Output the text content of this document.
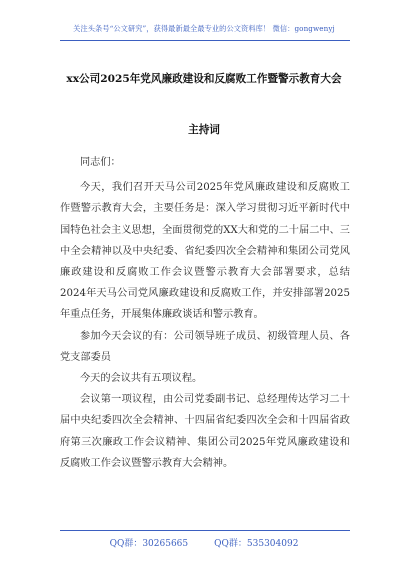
关注头条号“公文研究”，获得最新最全最专业的公文资料库！ 微信：gongwenyj
xx公司2025年党风廉政建设和反腐败工作暨警示教育大会
主持词

同志们：

今天，我们召开天马公司2025年党风廉政建设和反腐败工作暨警示教育大会，主要任务是：深入学习贯彻习近平新时代中国特色社会主义思想，全面贯彻党的XX大和党的二十届二中、三中全会精神以及中央纪委、省纪委四次全会精神和集团公司党风廉政建设和反腐败工作会议暨警示教育大会部署要求，总结2024年天马公司党风廉政建设和反腐败工作，并安排部署2025年重点任务，开展集体廉政谈话和警示教育。

参加今天会议的有：公司领导班子成员、初级管理人员、各党支部委员

今天的会议共有五项议程。

会议第一项议程，由公司党委副书记、总经理传达学习二十届中央纪委四次全会精神、十四届省纪委四次全会和十四届省政府第三次廉政工作会议精神、集团公司2025年党风廉政建设和反腐败工作会议暨警示教育大会精神。

QQ群：30265665	QQ群：535304092
